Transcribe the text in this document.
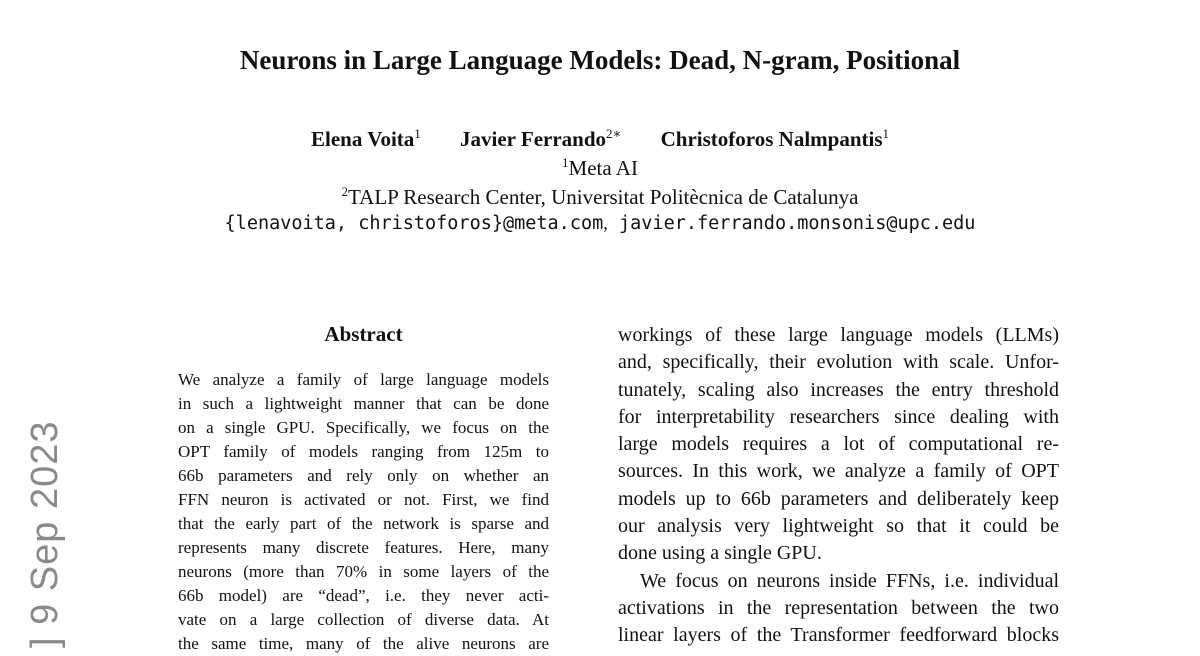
Neurons in Large Language Models: Dead, N-gram, Positional
Elena Voita$^1$ Javier Ferrando$^{2∗}$ Christoforos Nalmpantis$^1$
$^1$Meta AI
$^2$TALP Research Center, Universitat Politècnica de Catalunya
{lenavoita, christoforos}@meta.com, javier.ferrando.monsonis@upc.edu
] 9 Sep 2023
Abstract
We analyze a family of large language models
in such a lightweight manner that can be done
on a single GPU. Specifically, we focus on the
OPT family of models ranging from 125m to
66b parameters and rely only on whether an
FFN neuron is activated or not. First, we find
that the early part of the network is sparse and
represents many discrete features. Here, many
neurons (more than 70% in some layers of the
66b model) are “dead”, i.e. they never acti-
vate on a large collection of diverse data. At
the same time, many of the alive neurons are
workings of these large language models (LLMs)
and, specifically, their evolution with scale. Unfor-
tunately, scaling also increases the entry threshold
for interpretability researchers since dealing with
large models requires a lot of computational re-
sources. In this work, we analyze a family of OPT
models up to 66b parameters and deliberately keep
our analysis very lightweight so that it could be
done using a single GPU.
We focus on neurons inside FFNs, i.e. individual
activations in the representation between the two
linear layers of the Transformer feedforward blocks
